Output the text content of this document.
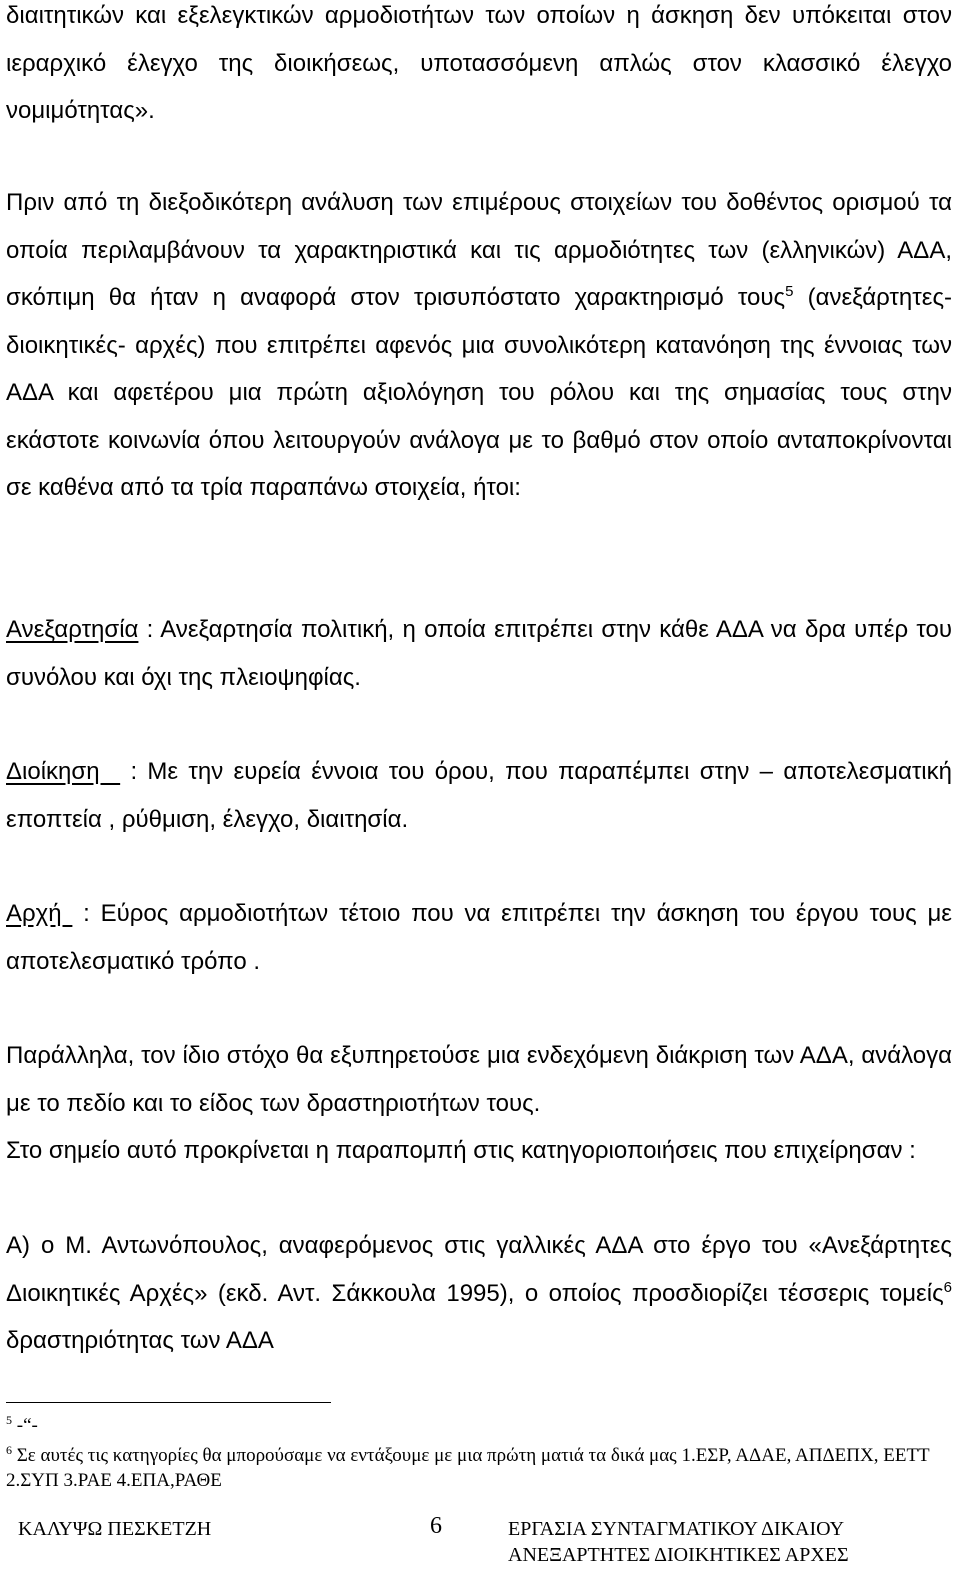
διαιτητικών και εξελεγκτικών αρμοδιοτήτων των οποίων η άσκηση δεν υπόκειται στον ιεραρχικό έλεγχο της διοικήσεως, υποτασσόμενη απλώς στον κλασσικό έλεγχο νομιμότητας».

Πριν από τη διεξοδικότερη ανάλυση των επιμέρους στοιχείων του δοθέντος ορισμού τα οποία περιλαμβάνουν τα χαρακτηριστικά και τις αρμοδιότητες των (ελληνικών) ΑΔΑ, σκόπιμη θα ήταν η αναφορά στον τρισυπόστατο χαρακτηρισμό τους$^5$ (ανεξάρτητες- διοικητικές- αρχές) που επιτρέπει αφενός μια συνολικότερη κατανόηση της έννοιας των ΑΔΑ και αφετέρου μια πρώτη αξιολόγηση του ρόλου και της σημασίας τους στην εκάστοτε κοινωνία όπου λειτουργούν ανάλογα με το βαθμό στον οποίο ανταποκρίνονται σε καθένα από τα τρία παραπάνω στοιχεία, ήτοι:

Ανεξαρτησία : Ανεξαρτησία πολιτική, η οποία επιτρέπει στην κάθε ΑΔΑ να δρα υπέρ του συνόλου και όχι της πλειοψηφίας.

Διοίκηση   : Με την ευρεία έννοια του όρου, που παραπέμπει στην – αποτελεσματική εποπτεία , ρύθμιση, έλεγχο, διαιτησία.

Αρχή  : Εύρος αρμοδιοτήτων τέτοιο που να επιτρέπει την άσκηση του έργου τους με αποτελεσματικό τρόπο .

Παράλληλα, τον ίδιο στόχο θα εξυπηρετούσε μια ενδεχόμενη διάκριση των ΑΔΑ, ανάλογα με το πεδίο και το είδος των δραστηριοτήτων τους.

Στο σημείο αυτό προκρίνεται η παραπομπή στις κατηγοριοποιήσεις που επιχείρησαν :

Α) ο Μ. Αντωνόπουλος, αναφερόμενος στις γαλλικές ΑΔΑ στο έργο του «Ανεξάρτητες Διοικητικές Αρχές» (εκδ. Αντ. Σάκκουλα 1995), ο οποίος προσδιορίζει τέσσερις τομείς$^6$ δραστηριότητας των ΑΔΑ

$^5$ -“-

$^6$ Σε αυτές τις κατηγορίες θα μπορούσαμε να εντάξουμε με μια πρώτη ματιά τα δικά μας 1.ΕΣΡ, ΑΔΑΕ, ΑΠΔΕΠΧ, ΕΕΤΤ 2.ΣΥΠ 3.ΡΑΕ 4.ΕΠΑ,ΡΑΘΕ

ΚΑΛΥΨΩ ΠΕΣΚΕΤΖΗ	6	ΕΡΓΑΣΙΑ ΣΥΝΤΑΓΜΑΤΙΚΟΥ ΔΙΚΑΙΟΥ
ΑΝΕΞΑΡΤΗΤΕΣ ΔΙΟΙΚΗΤΙΚΕΣ ΑΡΧΕΣ
